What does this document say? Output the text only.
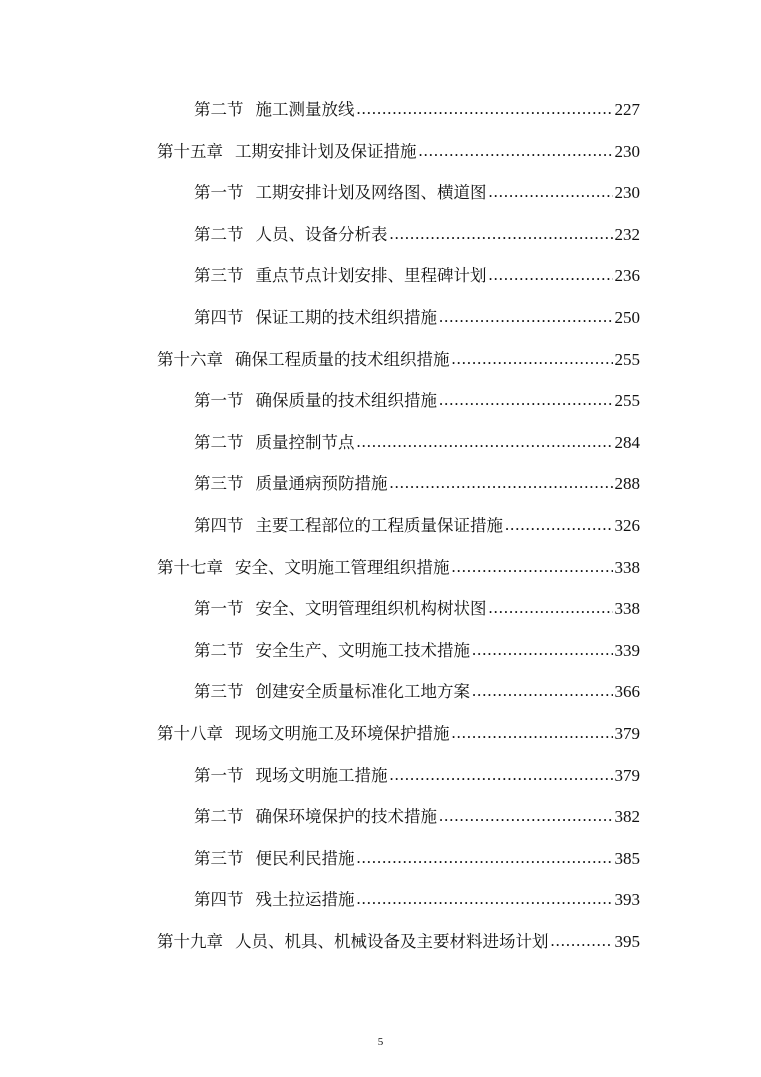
第二节 施工测量放线 .....	227
第十五章 工期安排计划及保证措施 .....	230
第一节 工期安排计划及网络图、横道图 .....	230
第二节 人员、设备分析表 .....	232
第三节 重点节点计划安排、里程碑计划 .....	236
第四节 保证工期的技术组织措施 .....	250
第十六章 确保工程质量的技术组织措施 .....	255
第一节 确保质量的技术组织措施 .....	255
第二节 质量控制节点 .....	284
第三节 质量通病预防措施 .....	288
第四节 主要工程部位的工程质量保证措施 .....	326
第十七章 安全、文明施工管理组织措施 .....	338
第一节 安全、文明管理组织机构树状图 .....	338
第二节 安全生产、文明施工技术措施 .....	339
第三节 创建安全质量标准化工地方案 .....	366
第十八章 现场文明施工及环境保护措施 .....	379
第一节 现场文明施工措施 .....	379
第二节 确保环境保护的技术措施 .....	382
第三节 便民利民措施 .....	385
第四节 残土拉运措施 .....	393
第十九章 人员、机具、机械设备及主要材料进场计划 .....	395
5
